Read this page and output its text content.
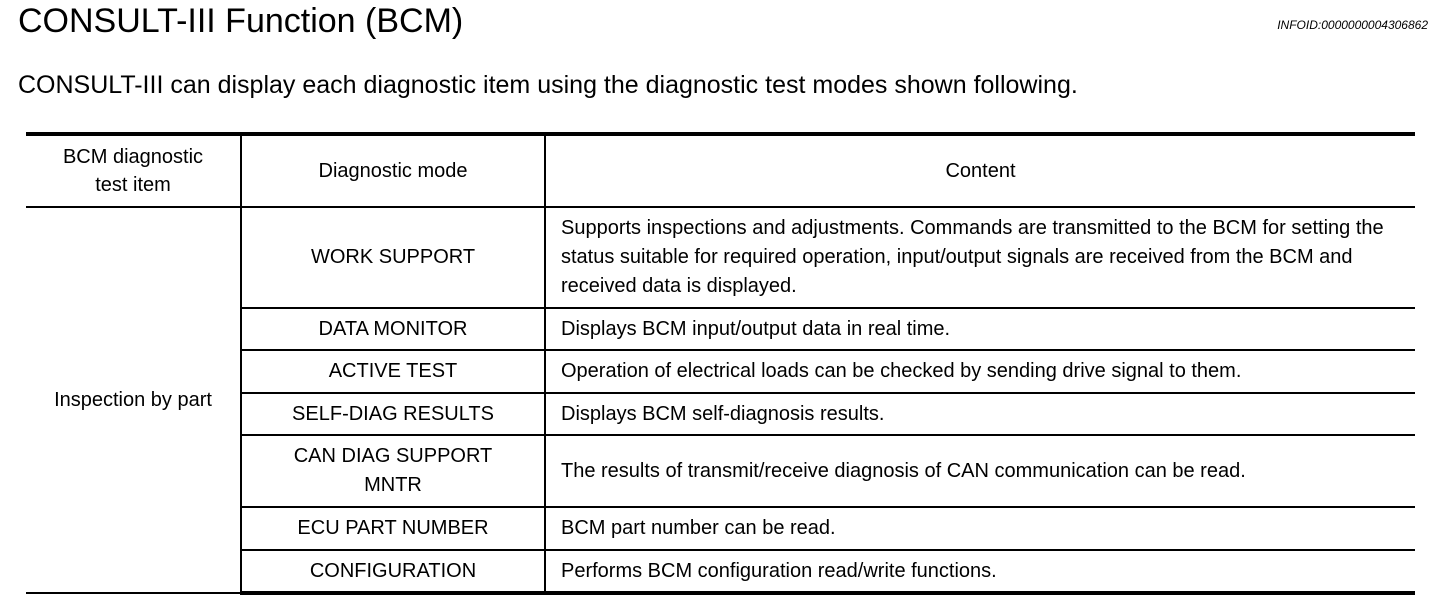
CONSULT-III Function (BCM)	INFOID:0000000004306862
CONSULT-III can display each diagnostic item using the diagnostic test modes shown following.
BCM diagnostic test item	Diagnostic mode	Content
Inspection by part	WORK SUPPORT	Supports inspections and adjustments. Commands are transmitted to the BCM for setting the status suitable for required operation, input/output signals are received from the BCM and received data is displayed.
	DATA MONITOR	Displays BCM input/output data in real time.
	ACTIVE TEST	Operation of electrical loads can be checked by sending drive signal to them.
	SELF-DIAG RESULTS	Displays BCM self-diagnosis results.
	CAN DIAG SUPPORT MNTR	The results of transmit/receive diagnosis of CAN communication can be read.
	ECU PART NUMBER	BCM part number can be read.
	CONFIGURATION	Performs BCM configuration read/write functions.
